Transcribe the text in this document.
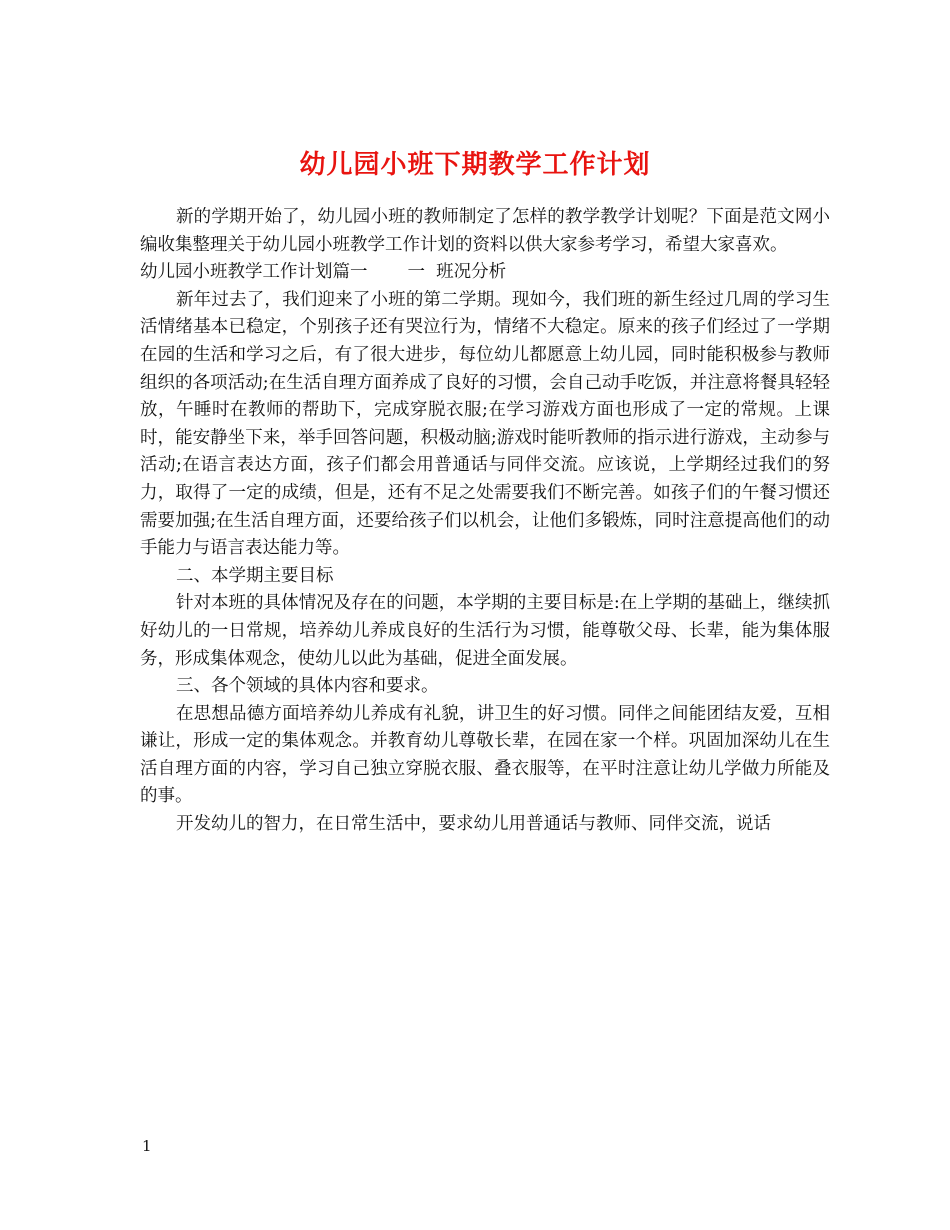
幼儿园小班下期教学工作计划

新的学期开始了，幼儿园小班的教师制定了怎样的教学教学计划呢？下面是范文网小编收集整理关于幼儿园小班教学工作计划的资料以供大家参考学习，希望大家喜欢。

幼儿园小班教学工作计划篇一 一  班况分析

新年过去了，我们迎来了小班的第二学期。现如今，我们班的新生经过几周的学习生活情绪基本已稳定，个别孩子还有哭泣行为，情绪不大稳定。原来的孩子们经过了一学期在园的生活和学习之后，有了很大进步，每位幼儿都愿意上幼儿园，同时能积极参与教师组织的各项活动;在生活自理方面养成了良好的习惯，会自己动手吃饭，并注意将餐具轻轻放，午睡时在教师的帮助下，完成穿脱衣服;在学习游戏方面也形成了一定的常规。上课时，能安静坐下来，举手回答问题，积极动脑;游戏时能听教师的指示进行游戏，主动参与活动;在语言表达方面，孩子们都会用普通话与同伴交流。应该说，上学期经过我们的努力，取得了一定的成绩，但是，还有不足之处需要我们不断完善。如孩子们的午餐习惯还需要加强;在生活自理方面，还要给孩子们以机会，让他们多锻炼，同时注意提高他们的动手能力与语言表达能力等。

二、本学期主要目标

针对本班的具体情况及存在的问题，本学期的主要目标是:在上学期的基础上，继续抓好幼儿的一日常规，培养幼儿养成良好的生活行为习惯，能尊敬父母、长辈，能为集体服务，形成集体观念，使幼儿以此为基础，促进全面发展。

三、各个领域的具体内容和要求。

在思想品德方面培养幼儿养成有礼貌，讲卫生的好习惯。同伴之间能团结友爱，互相谦让，形成一定的集体观念。并教育幼儿尊敬长辈，在园在家一个样。巩固加深幼儿在生活自理方面的内容，学习自己独立穿脱衣服、叠衣服等，在平时注意让幼儿学做力所能及的事。

开发幼儿的智力，在日常生活中，要求幼儿用普通话与教师、同伴交流，说话

1
